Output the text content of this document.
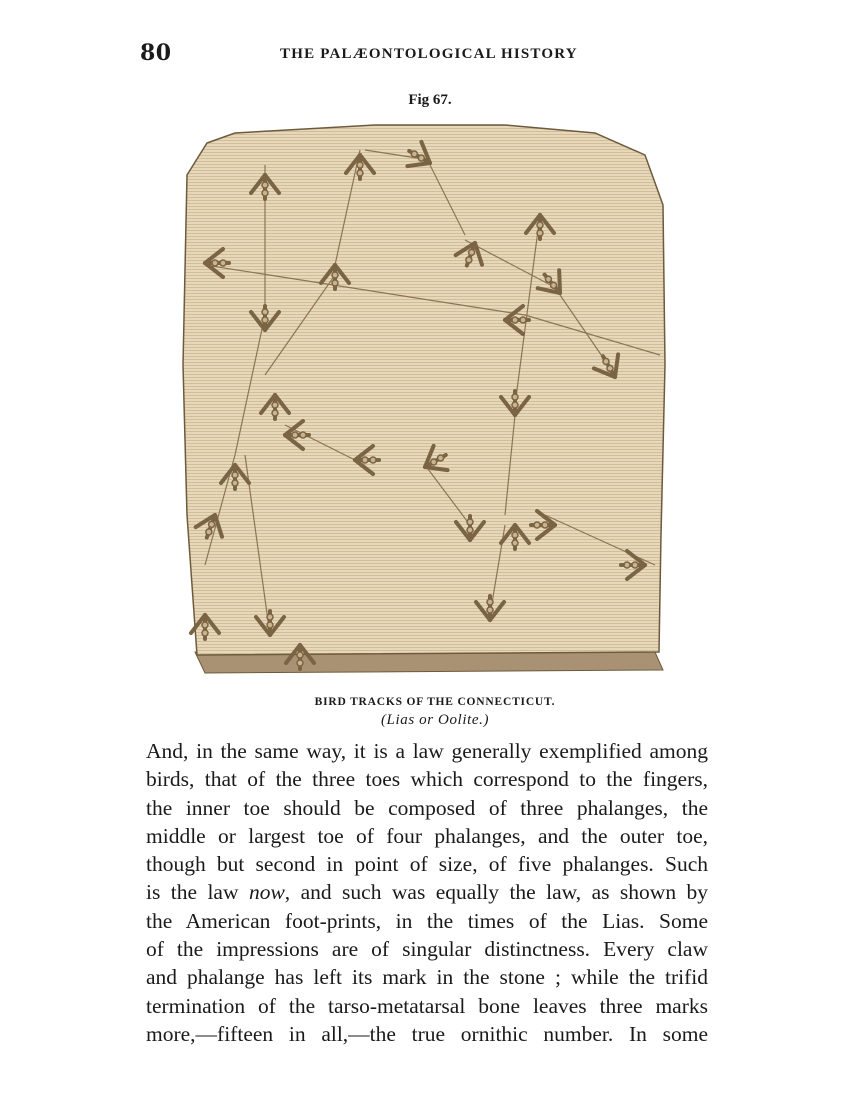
80	THE PALÆONTOLOGICAL HISTORY
Fig 67.
BIRD TRACKS OF THE CONNECTICUT.
(Lias or Oolite.)
And, in the same way, it is a law generally exemplified among
birds, that of the three toes which correspond to the fingers,
the inner toe should be composed of three phalanges, the
middle or largest toe of four phalanges, and the outer toe,
though but second in point of size, of five phalanges. Such
is the law now, and such was equally the law, as shown by
the American foot-prints, in the times of the Lias. Some
of the impressions are of singular distinctness. Every claw
and phalange has left its mark in the stone ; while the trifid
termination of the tarso-metatarsal bone leaves three marks
more,—fifteen in all,—the true ornithic number. In some
